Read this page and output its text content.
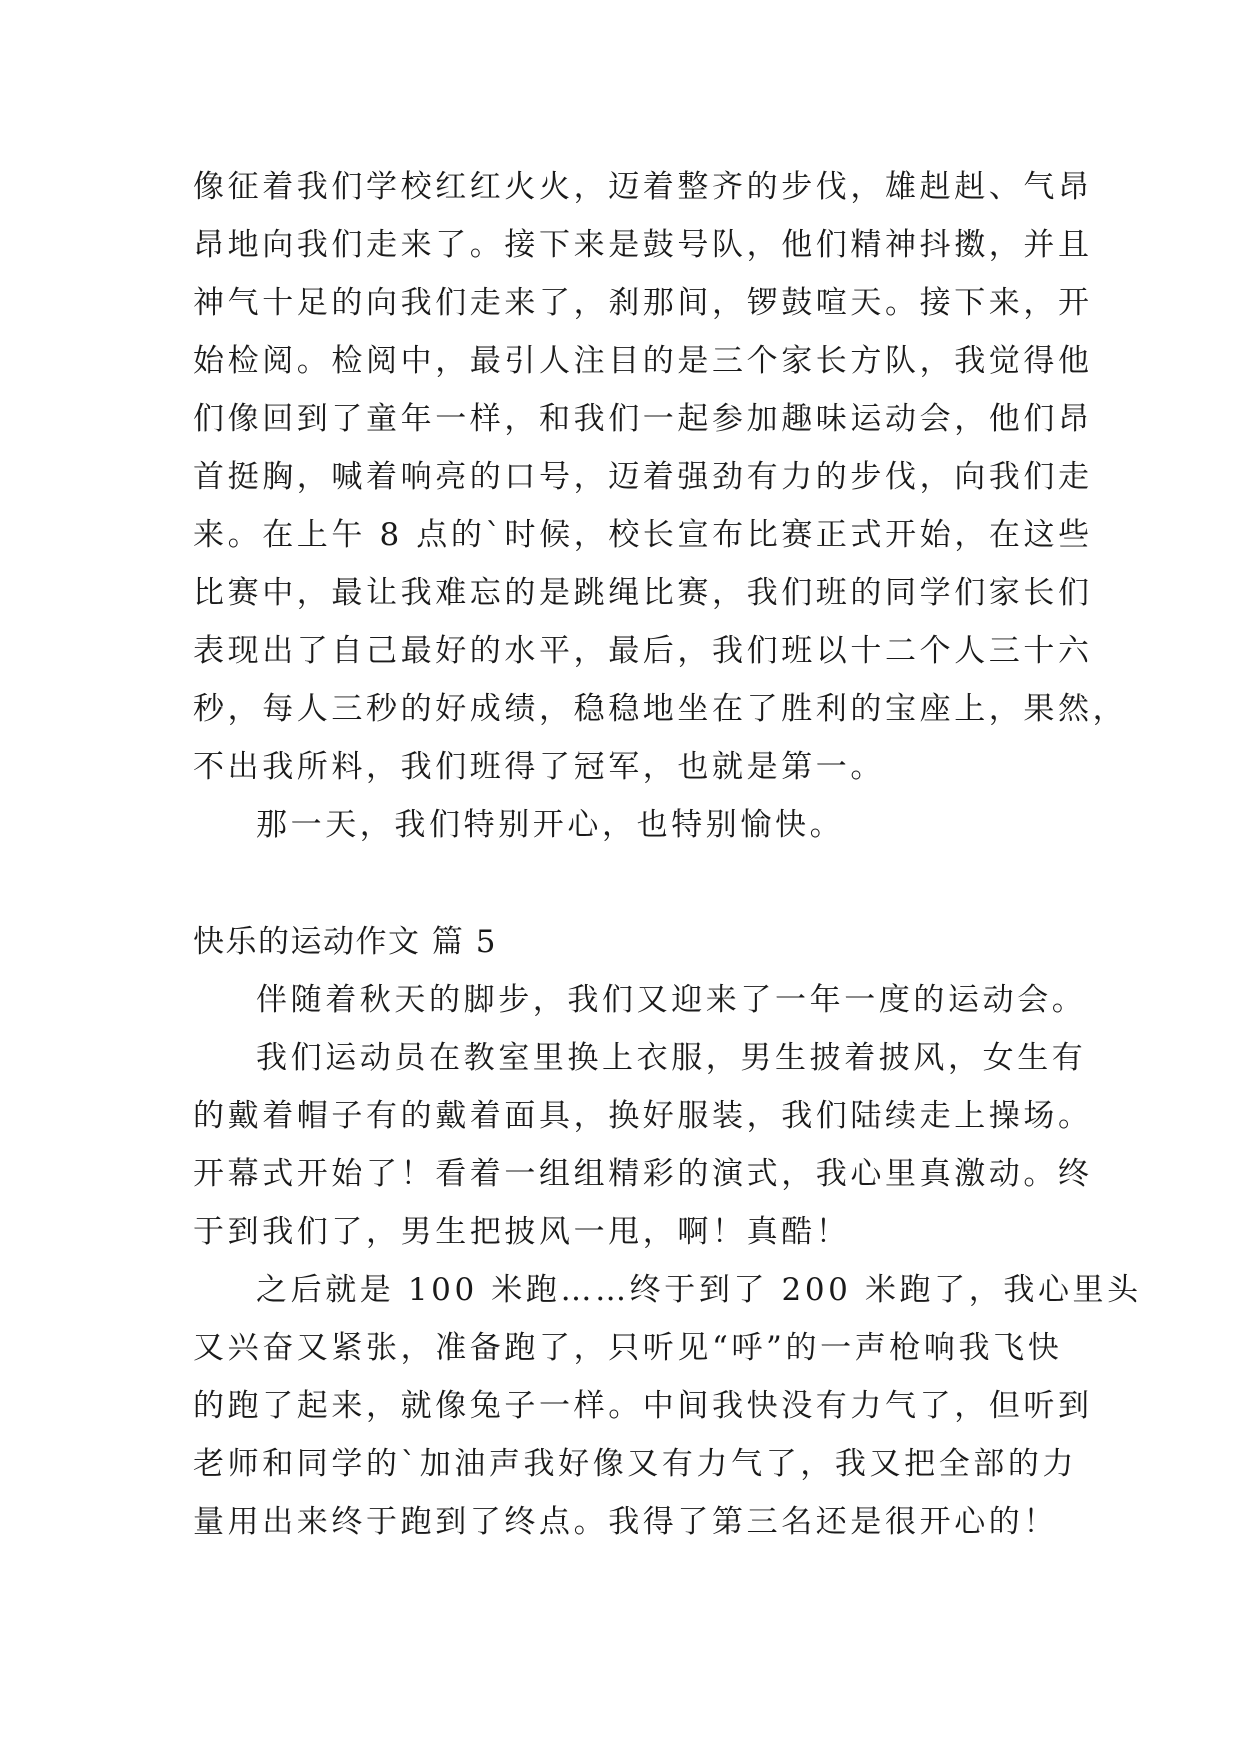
像征着我们学校红红火火，迈着整齐的步伐，雄赳赳、气昂
昂地向我们走来了。接下来是鼓号队，他们精神抖擞，并且
神气十足的向我们走来了，刹那间，锣鼓喧天。接下来，开
始检阅。检阅中，最引人注目的是三个家长方队，我觉得他
们像回到了童年一样，和我们一起参加趣味运动会，他们昂
首挺胸，喊着响亮的口号，迈着强劲有力的步伐，向我们走
来。在上午 8 点的`时候，校长宣布比赛正式开始，在这些
比赛中，最让我难忘的是跳绳比赛，我们班的同学们家长们
表现出了自己最好的水平，最后，我们班以十二个人三十六
秒，每人三秒的好成绩，稳稳地坐在了胜利的宝座上，果然，
不出我所料，我们班得了冠军，也就是第一。
那一天，我们特别开心，也特别愉快。
快乐的运动作文 篇 5
伴随着秋天的脚步，我们又迎来了一年一度的运动会。
我们运动员在教室里换上衣服，男生披着披风，女生有
的戴着帽子有的戴着面具，换好服装，我们陆续走上操场。
开幕式开始了！看着一组组精彩的演式，我心里真激动。终
于到我们了，男生把披风一甩，啊！真酷！
之后就是 100 米跑……终于到了 200 米跑了，我心里头
又兴奋又紧张，准备跑了，只听见“呼”的一声枪响我飞快
的跑了起来，就像兔子一样。中间我快没有力气了，但听到
老师和同学的`加油声我好像又有力气了，我又把全部的力
量用出来终于跑到了终点。我得了第三名还是很开心的！
